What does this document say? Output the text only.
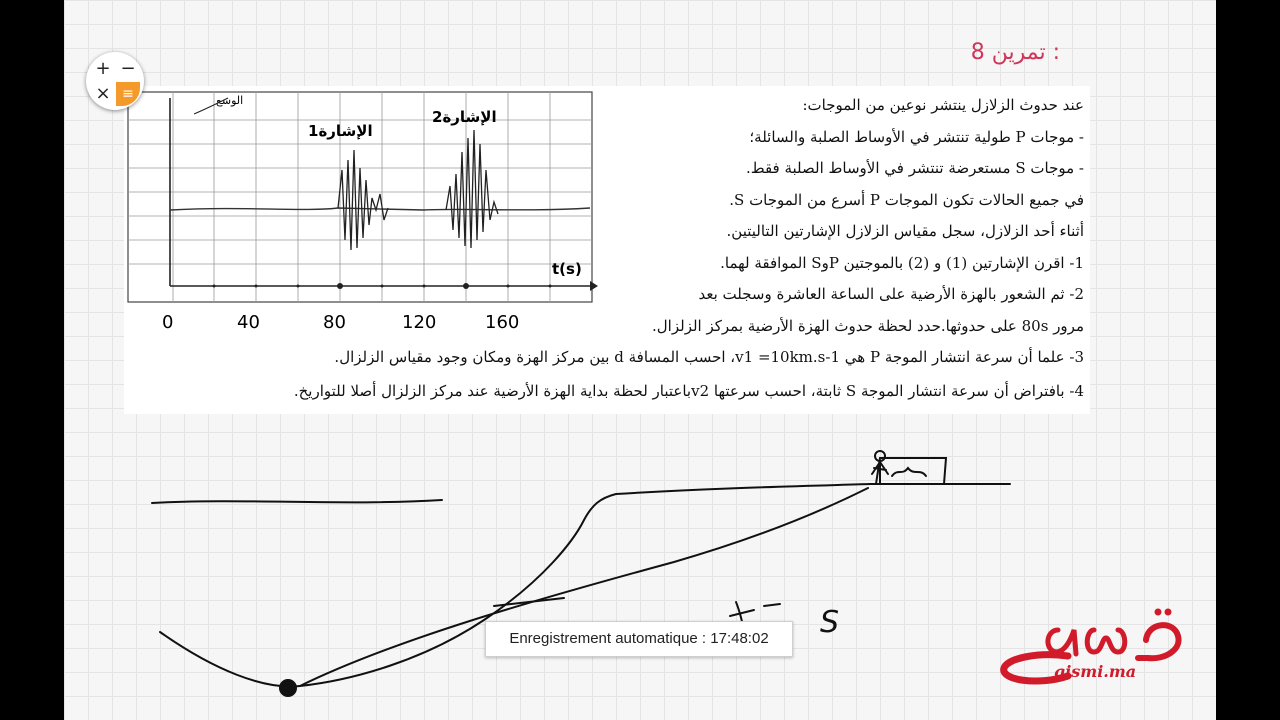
تمرين 8 :
الوسع
الإشارة1
الإشارة2
t(s)
0	40	80	120	160
عند حدوث الزلازل ينتشر نوعين من الموجات:
- موجات P طولية تنتشر في الأوساط الصلبة والسائلة؛
- موجات S مستعرضة تنتشر في الأوساط الصلبة فقط.
في جميع الحالات تكون الموجات P أسرع من الموجات S.
أثناء أحد الزلازل، سجل مقياس الزلازل الإشارتين التاليتين.
1- اقرن الإشارتين (1) و (2) بالموجتين PوS الموافقة لهما.
2- ثم الشعور بالهزة الأرضية على الساعة العاشرة وسجلت بعد
مرور 80s على حدوثها.حدد لحظة حدوث الهزة الأرضية بمركز الزلزال.
3- علما أن سرعة انتشار الموجة P هي v1 =10km.s-1، احسب المسافة d بين مركز الهزة ومكان وجود مقياس الزلزال.
4- بافتراض أن سرعة انتشار الموجة S ثابتة، احسب سرعتها v2باعتبار لحظة بداية الهزة الأرضية عند مركز الزلزال أصلا للتواريخ.
S
+ −
× ≡
Enregistrement automatique : 17:48:02
qismi.ma
